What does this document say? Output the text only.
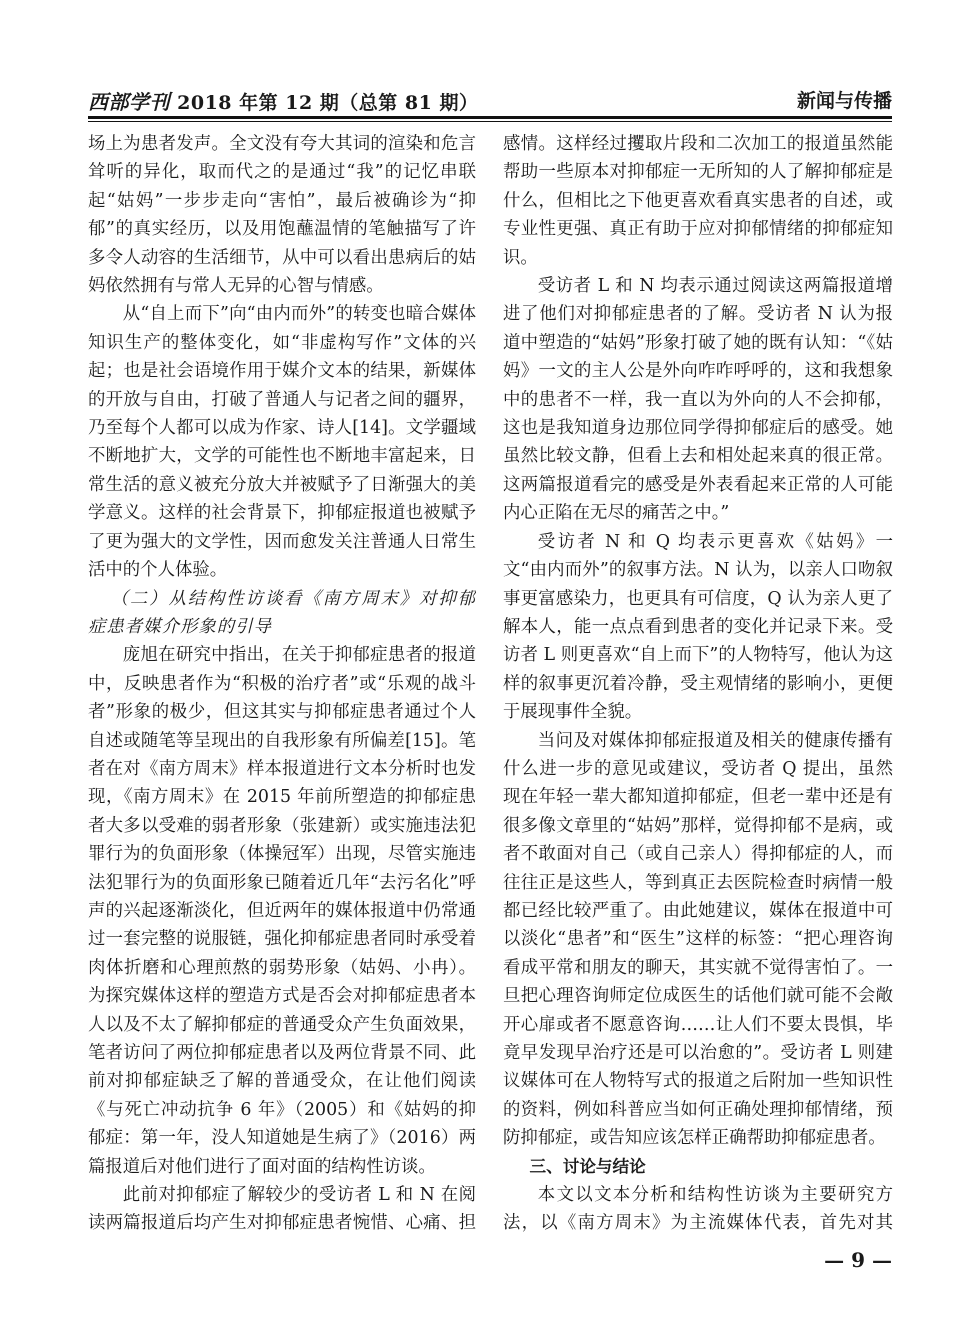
西部学刊 2018 年第 12 期（总第 81 期）	新闻与传播

场上为患者发声。全文没有夸大其词的渲染和危言耸听的异化，取而代之的是通过“我”的记忆串联起“姑妈”一步步走向“害怕”，最后被确诊为“抑郁”的真实经历，以及用饱蘸温情的笔触描写了许多令人动容的生活细节，从中可以看出患病后的姑妈依然拥有与常人无异的心智与情感。

从“自上而下”向“由内而外”的转变也暗合媒体知识生产的整体变化，如“非虚构写作”文体的兴起；也是社会语境作用于媒介文本的结果，新媒体的开放与自由，打破了普通人与记者之间的疆界，乃至每个人都可以成为作家、诗人[14]。文学疆域不断地扩大，文学的可能性也不断地丰富起来，日常生活的意义被充分放大并被赋予了日渐强大的美学意义。这样的社会背景下，抑郁症报道也被赋予了更为强大的文学性，因而愈发关注普通人日常生活中的个人体验。

（二）从结构性访谈看《南方周末》对抑郁症患者媒介形象的引导

庞旭在研究中指出，在关于抑郁症患者的报道中，反映患者作为“积极的治疗者”或“乐观的战斗者”形象的极少，但这其实与抑郁症患者通过个人自述或随笔等呈现出的自我形象有所偏差[15]。笔者在对《南方周末》样本报道进行文本分析时也发现，《南方周末》在 2015 年前所塑造的抑郁症患者大多以受难的弱者形象（张建新）或实施违法犯罪行为的负面形象（体操冠军）出现，尽管实施违法犯罪行为的负面形象已随着近几年“去污名化”呼声的兴起逐渐淡化，但近两年的媒体报道中仍常通过一套完整的说服链，强化抑郁症患者同时承受着肉体折磨和心理煎熬的弱势形象（姑妈、小冉）。为探究媒体这样的塑造方式是否会对抑郁症患者本人以及不太了解抑郁症的普通受众产生负面效果，笔者访问了两位抑郁症患者以及两位背景不同、此前对抑郁症缺乏了解的普通受众，在让他们阅读《与死亡冲动抗争 6 年》（2005）和《姑妈的抑郁症：第一年，没人知道她是生病了》（2016）两篇报道后对他们进行了面对面的结构性访谈。

此前对抑郁症了解较少的受访者 L 和 N 在阅读两篇报道后均产生对抑郁症患者惋惜、心痛、担

感情。这样经过攫取片段和二次加工的报道虽然能帮助一些原本对抑郁症一无所知的人了解抑郁症是什么，但相比之下他更喜欢看真实患者的自述，或专业性更强、真正有助于应对抑郁情绪的抑郁症知识。

受访者 L 和 N 均表示通过阅读这两篇报道增进了他们对抑郁症患者的了解。受访者 N 认为报道中塑造的“姑妈”形象打破了她的既有认知：“《姑妈》一文的主人公是外向咋咋呼呼的，这和我想象中的患者不一样，我一直以为外向的人不会抑郁，这也是我知道身边那位同学得抑郁症后的感受。她虽然比较文静，但看上去和相处起来真的很正常。这两篇报道看完的感受是外表看起来正常的人可能内心正陷在无尽的痛苦之中。”

受访者 N 和 Q 均表示更喜欢《姑妈》一文“由内而外”的叙事方法。N 认为，以亲人口吻叙事更富感染力，也更具有可信度，Q 认为亲人更了解本人，能一点点看到患者的变化并记录下来。受访者 L 则更喜欢“自上而下”的人物特写，他认为这样的叙事更沉着冷静，受主观情绪的影响小，更便于展现事件全貌。

当问及对媒体抑郁症报道及相关的健康传播有什么进一步的意见或建议，受访者 Q 提出，虽然现在年轻一辈大都知道抑郁症，但老一辈中还是有很多像文章里的“姑妈”那样，觉得抑郁不是病，或者不敢面对自己（或自己亲人）得抑郁症的人，而往往正是这些人，等到真正去医院检查时病情一般都已经比较严重了。由此她建议，媒体在报道中可以淡化“患者”和“医生”这样的标签：“把心理咨询看成平常和朋友的聊天，其实就不觉得害怕了。一旦把心理咨询师定位成医生的话他们就可能不会敞开心扉或者不愿意咨询……让人们不要太畏惧，毕竟早发现早治疗还是可以治愈的”。受访者 L 则建议媒体可在人物特写式的报道之后附加一些知识性的资料，例如科普应当如何正确处理抑郁情绪，预防抑郁症，或告知应该怎样正确帮助抑郁症患者。

三、讨论与结论

本文以文本分析和结构性访谈为主要研究方法，以《南方周末》为主流媒体代表，首先对其

— 9 —
